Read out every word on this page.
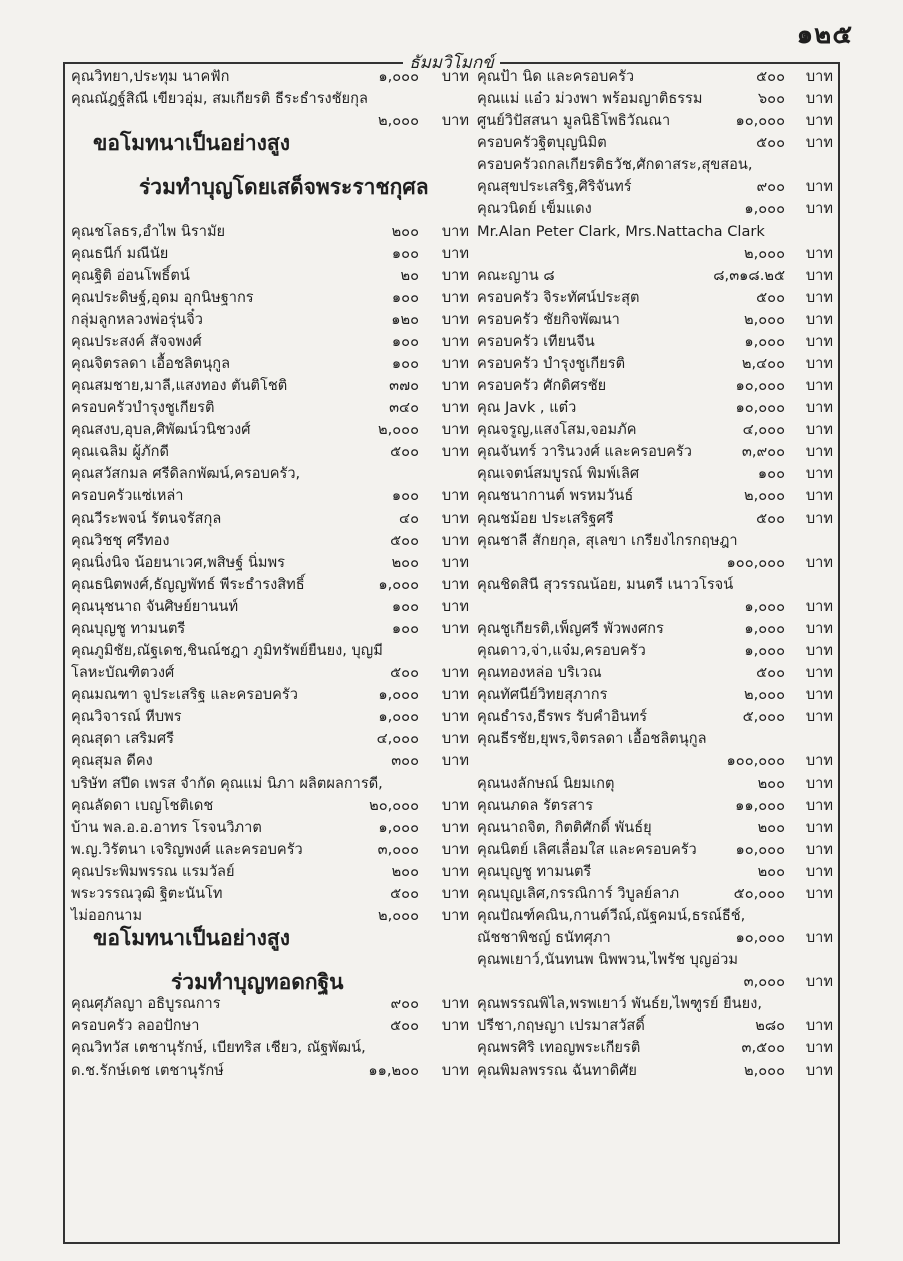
๑๒๕
ธัมมวิโมกข์
คุณวิทยา,ประทุม นาคฟัก	๑,๐๐๐ บาท
คุณณัฎฐ์สิณี เขียวอุ่ม, สมเกียรติ ธีระธำรงชัยกุล
๒,๐๐๐ บาท
ขอโมทนาเป็นอย่างสูง
ร่วมทำบุญโดยเสด็จพระราชกุศล
คุณชโลธร,อำไพ นิรามัย	๒๐๐ บาท
คุณธนีก์ มณีนัย	๑๐๐ บาท
คุณฐิติ อ่อนโพธิ์ตน์	๒๐ บาท
คุณประดิษฐ์,อุดม อุกนิษฐากร	๑๐๐ บาท
กลุ่มลูกหลวงพ่อรุ่นจิ๋ว	๑๒๐ บาท
คุณประสงค์ สัจจพงศ์	๑๐๐ บาท
คุณจิตรลดา เอื้อชลิตนุกูล	๑๐๐ บาท
คุณสมชาย,มาลี,แสงทอง ตันติโชติ	๓๗๐ บาท
ครอบครัวบำรุงชูเกียรติ	๓๔๐ บาท
คุณสงบ,อุบล,ศิพัฒน์วนิชวงศ์	๒,๐๐๐ บาท
คุณเฉลิม ผู้ภักดี	๕๐๐ บาท
คุณสวัสกมล ศรีดิลกพัฒน์,ครอบครัว,
ครอบครัวแซ่เหล่า	๑๐๐ บาท
คุณวีระพจน์ รัตนจรัสกุล	๔๐ บาท
คุณวิชชุ ศรีทอง	๕๐๐ บาท
คุณนิ่งนิจ น้อยนาเวศ,พสิษฐ์ นิ่มพร	๒๐๐ บาท
คุณธนิตพงศ์,ธัญญพัทธ์ พีระธำรงสิทธิ์	๑,๐๐๐ บาท
คุณนุชนาถ จันศิษย์ยานนท์	๑๐๐ บาท
คุณบุญชู ทามนตรี	๑๐๐ บาท
คุณภูมิชัย,ณัฐเดช,ชินณ์ชฎา ภูมิทรัพย์ยืนยง, บุญมี
โลหะบัณฑิตวงศ์	๕๐๐ บาท
คุณมณฑา จูประเสริฐ และครอบครัว	๑,๐๐๐ บาท
คุณวิจารณ์ หีบพร	๑,๐๐๐ บาท
คุณสุดา เสริมศรี	๔,๐๐๐ บาท
คุณสุมล ดีคง	๓๐๐ บาท
บริษัท สปีด เพรส จำกัด คุณแม่ นิภา ผลิตผลการดี,
คุณลัดดา เบญโชติเดช	๒๐,๐๐๐ บาท
บ้าน พล.อ.อ.อาทร โรจนวิภาต	๑,๐๐๐ บาท
พ.ญ.วิรัตนา เจริญพงศ์ และครอบครัว	๓,๐๐๐ บาท
คุณประพิมพรรณ แรมวัลย์	๒๐๐ บาท
พระวรรณวุฒิ ฐิตะนันโท	๕๐๐ บาท
ไม่ออกนาม	๒,๐๐๐ บาท
ขอโมทนาเป็นอย่างสูง
ร่วมทำบุญทอดกฐิน
คุณศุภัลญา อธิบูรณการ	๙๐๐ บาท
ครอบครัว ลออปักษา	๕๐๐ บาท
คุณวิทวัส เตชานุรักษ์, เบียทริส เชียว, ณัฐพัฒน์,
ด.ช.รักษ์เดช เตชานุรักษ์	๑๑,๒๐๐ บาท
คุณป้า นิด และครอบครัว	๕๐๐ บาท
คุณแม่ แอ๋ว ม่วงพา พร้อมญาติธรรม	๖๐๐ บาท
ศูนย์วิปัสสนา มูลนิธิโพธิวัณณา	๑๐,๐๐๐ บาท
ครอบครัวฐิตบุญนิมิต	๕๐๐ บาท
ครอบครัวถกลเกียรติธวัช,ศักดาสระ,สุขสอน,
คุณสุขประเสริฐ,ศิริจันทร์	๙๐๐ บาท
คุณวนิดย์ เข็มแดง	๑,๐๐๐ บาท
Mr.Alan Peter Clark, Mrs.Nattacha Clark
๒,๐๐๐ บาท
คณะญาน ๘	๘,๓๑๘.๒๕ บาท
ครอบครัว จิระทัศน์ประสุต	๕๐๐ บาท
ครอบครัว ชัยกิจพัฒนา	๒,๐๐๐ บาท
ครอบครัว เทียนจีน	๑,๐๐๐ บาท
ครอบครัว บำรุงชูเกียรติ	๒,๔๐๐ บาท
ครอบครัว ศักดิศรชัย	๑๐,๐๐๐ บาท
คุณ Javk , แต๋ว	๑๐,๐๐๐ บาท
คุณจรูญ,แสงโสม,จอมภัค	๔,๐๐๐ บาท
คุณจันทร์ วารินวงศ์ และครอบครัว	๓,๙๐๐ บาท
คุณเจตน์สมบูรณ์ พิมพ์เลิศ	๑๐๐ บาท
คุณชนากานต์ พรหมวันธ์	๒,๐๐๐ บาท
คุณชม้อย ประเสริฐศรี	๕๐๐ บาท
คุณชาลี สักยกุล, สุเลขา เกรียงไกรกฤษฎา
๑๐๐,๐๐๐ บาท
คุณชิดสินี สุวรรณน้อย, มนตรี เนาวโรจน์
๑,๐๐๐ บาท
คุณชูเกียรติ,เพ็ญศรี พัวพงศกร	๑,๐๐๐ บาท
คุณดาว,จ่า,แจ๋ม,ครอบครัว	๑,๐๐๐ บาท
คุณทองหล่อ บริเวณ	๕๐๐ บาท
คุณทัศนีย์วิทยสุภากร	๒,๐๐๐ บาท
คุณธำรง,ธีรพร รับคำอินทร์	๕,๐๐๐ บาท
คุณธีรชัย,ยุพร,จิตรลดา เอื้อชลิตนุกูล
๑๐๐,๐๐๐ บาท
คุณนงลักษณ์ นิยมเกตุ	๒๐๐ บาท
คุณนภดล รัตรสาร	๑๑,๐๐๐ บาท
คุณนาถจิต, กิตติศักดิ์ พันธ์ยุ	๒๐๐ บาท
คุณนิตย์ เลิศเลื่อมใส และครอบครัว	๑๐,๐๐๐ บาท
คุณบุญชู ทามนตรี	๒๐๐ บาท
คุณบุญเลิศ,กรรณิการ์ วิบูลย์ลาภ	๕๐,๐๐๐ บาท
คุณปัณฑ์คณิน,กานต์วีณ์,ณัฐคมน์,ธรณ์ธีช์,
ณัชชาพิชญ์ ธนัทศุภา	๑๐,๐๐๐ บาท
คุณพเยาว์,นันทนพ นิพพวน,ไพรัช บุญอ่วม
๓,๐๐๐ บาท
คุณพรรณพิไล,พรพเยาว์ พันธ์ย,ไพฑูรย์ ยืนยง,
ปรีชา,กฤษญา เปรมาสวัสดิ์	๒๘๐ บาท
คุณพรศิริ เทอญพระเกียรติ	๓,๕๐๐ บาท
คุณพิมลพรรณ ฉันทาดิศัย	๒,๐๐๐ บาท
